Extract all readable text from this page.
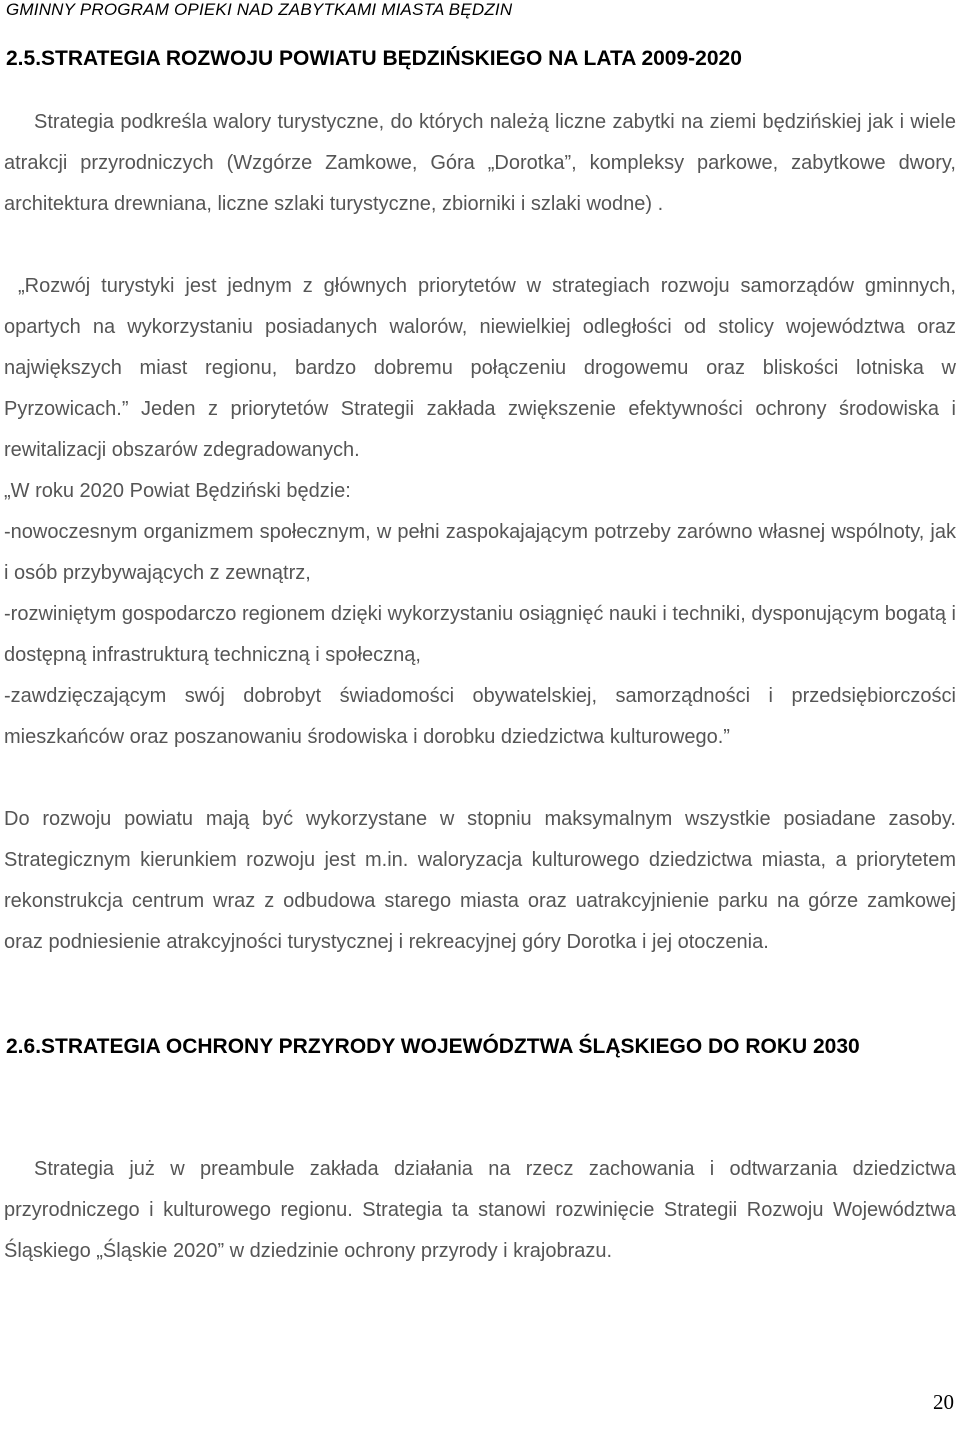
GMINNY PROGRAM OPIEKI NAD ZABYTKAMI MIASTA BĘDZIN
2.5.STRATEGIA ROZWOJU POWIATU BĘDZIŃSKIEGO NA LATA 2009-2020
Strategia podkreśla walory turystyczne, do których należą liczne zabytki na ziemi będzińskiej jak i wiele atrakcji przyrodniczych (Wzgórze Zamkowe, Góra „Dorotka”, kompleksy parkowe, zabytkowe dwory, architektura drewniana, liczne szlaki turystyczne, zbiorniki i szlaki wodne) .
„Rozwój turystyki jest jednym z głównych priorytetów w strategiach rozwoju samorządów gminnych, opartych na wykorzystaniu posiadanych walorów, niewielkiej odległości od stolicy województwa oraz największych miast regionu, bardzo dobremu połączeniu drogowemu oraz bliskości lotniska w Pyrzowicach.” Jeden z priorytetów Strategii zakłada zwiększenie efektywności ochrony środowiska i rewitalizacji obszarów zdegradowanych.
„W roku 2020 Powiat Będziński będzie:
-nowoczesnym organizmem społecznym, w pełni zaspokajającym potrzeby zarówno własnej wspólnoty, jak i osób przybywających z zewnątrz,
-rozwiniętym gospodarczo regionem dzięki wykorzystaniu osiągnięć nauki i techniki, dysponującym bogatą i dostępną infrastrukturą techniczną i społeczną,
-zawdzięczającym swój dobrobyt świadomości obywatelskiej, samorządności i przedsiębiorczości mieszkańców oraz poszanowaniu środowiska i dorobku dziedzictwa kulturowego.”
Do rozwoju powiatu mają być wykorzystane w stopniu maksymalnym wszystkie posiadane zasoby. Strategicznym kierunkiem rozwoju jest m.in. waloryzacja kulturowego dziedzictwa miasta, a priorytetem rekonstrukcja centrum wraz z odbudowa starego miasta oraz uatrakcyjnienie parku na górze zamkowej oraz podniesienie atrakcyjności turystycznej i rekreacyjnej góry Dorotka i jej otoczenia.
2.6.STRATEGIA OCHRONY PRZYRODY WOJEWÓDZTWA ŚLĄSKIEGO DO ROKU 2030
Strategia już w preambule zakłada działania na rzecz zachowania i odtwarzania dziedzictwa przyrodniczego i kulturowego regionu. Strategia ta stanowi rozwinięcie Strategii Rozwoju Województwa Śląskiego „Śląskie 2020” w dziedzinie ochrony przyrody i krajobrazu.
20
